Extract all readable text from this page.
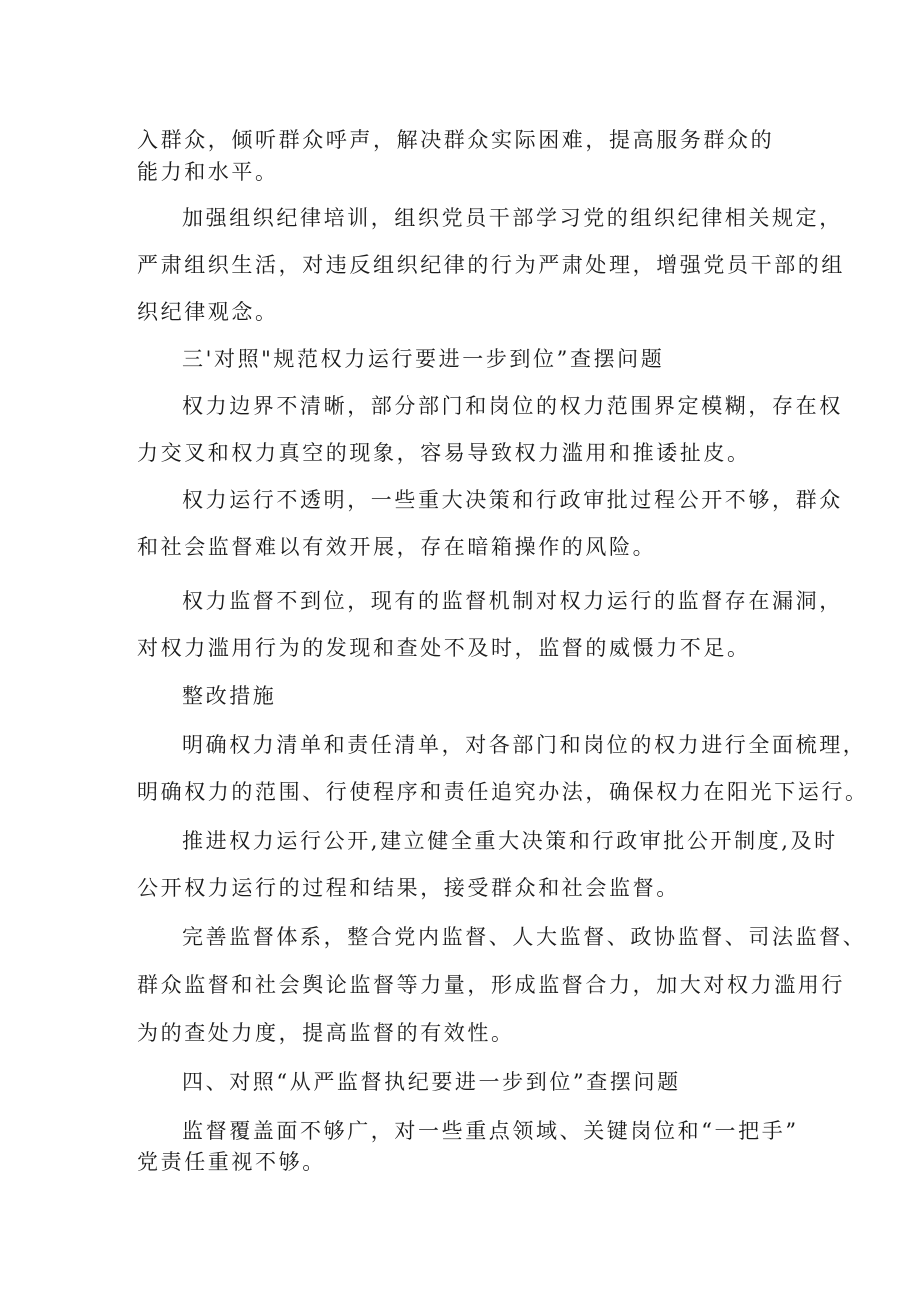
入群众，倾听群众呼声，解决群众实际困难，提高服务群众的
能力和水平。
加强组织纪律培训，组织党员干部学习党的组织纪律相关规定，
严肃组织生活，对违反组织纪律的行为严肃处理，增强党员干部的组
织纪律观念。
三'对照"规范权力运行要进一步到位”查摆问题
权力边界不清晰，部分部门和岗位的权力范围界定模糊，存在权
力交叉和权力真空的现象，容易导致权力滥用和推诿扯皮。
权力运行不透明，一些重大决策和行政审批过程公开不够，群众
和社会监督难以有效开展，存在暗箱操作的风险。
权力监督不到位，现有的监督机制对权力运行的监督存在漏洞，
对权力滥用行为的发现和查处不及时，监督的威慑力不足。
整改措施
明确权力清单和责任清单，对各部门和岗位的权力进行全面梳理，
明确权力的范围、行使程序和责任追究办法，确保权力在阳光下运行。
推进权力运行公开,建立健全重大决策和行政审批公开制度,及时
公开权力运行的过程和结果，接受群众和社会监督。
完善监督体系，整合党内监督、人大监督、政协监督、司法监督、
群众监督和社会舆论监督等力量，形成监督合力，加大对权力滥用行
为的查处力度，提高监督的有效性。
四、对照“从严监督执纪要进一步到位”查摆问题
监督覆盖面不够广，对一些重点领域、关键岗位和“一把手”
党责任重视不够。
